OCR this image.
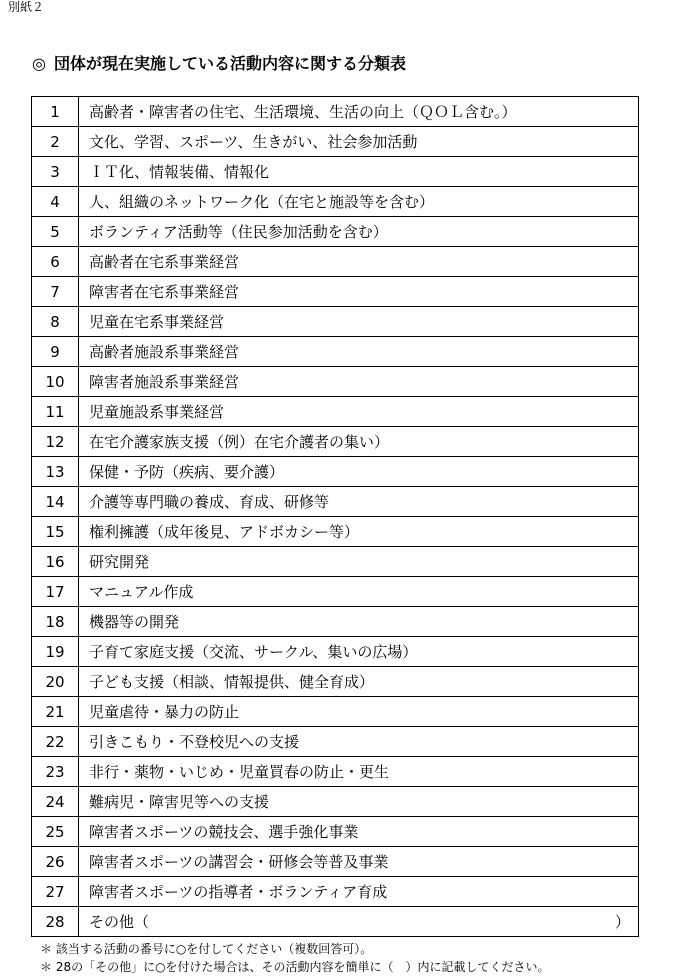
別紙２
◎ 団体が現在実施している活動内容に関する分類表
1	高齢者・障害者の住宅、生活環境、生活の向上（ＱＯＬ含む。）
2	文化、学習、スポーツ、生きがい、社会参加活動
3	ＩＴ化、情報装備、情報化
4	人、組織のネットワーク化（在宅と施設等を含む）
5	ボランティア活動等（住民参加活動を含む）
6	高齢者在宅系事業経営
7	障害者在宅系事業経営
8	児童在宅系事業経営
9	高齢者施設系事業経営
10	障害者施設系事業経営
11	児童施設系事業経営
12	在宅介護家族支援（例）在宅介護者の集い）
13	保健・予防（疾病、要介護）
14	介護等専門職の養成、育成、研修等
15	権利擁護（成年後見、アドボカシー等）
16	研究開発
17	マニュアル作成
18	機器等の開発
19	子育て家庭支援（交流、サークル、集いの広場）
20	子ども支援（相談、情報提供、健全育成）
21	児童虐待・暴力の防止
22	引きこもり・不登校児への支援
23	非行・薬物・いじめ・児童買春の防止・更生
24	難病児・障害児等への支援
25	障害者スポーツの競技会、選手強化事業
26	障害者スポーツの講習会・研修会等普及事業
27	障害者スポーツの指導者・ボランティア育成
28	その他（ ）
＊ 該当する活動の番号に○を付してください（複数回答可）。
＊ 28の「その他」に○を付けた場合は、その活動内容を簡単に（　）内に記載してください。
